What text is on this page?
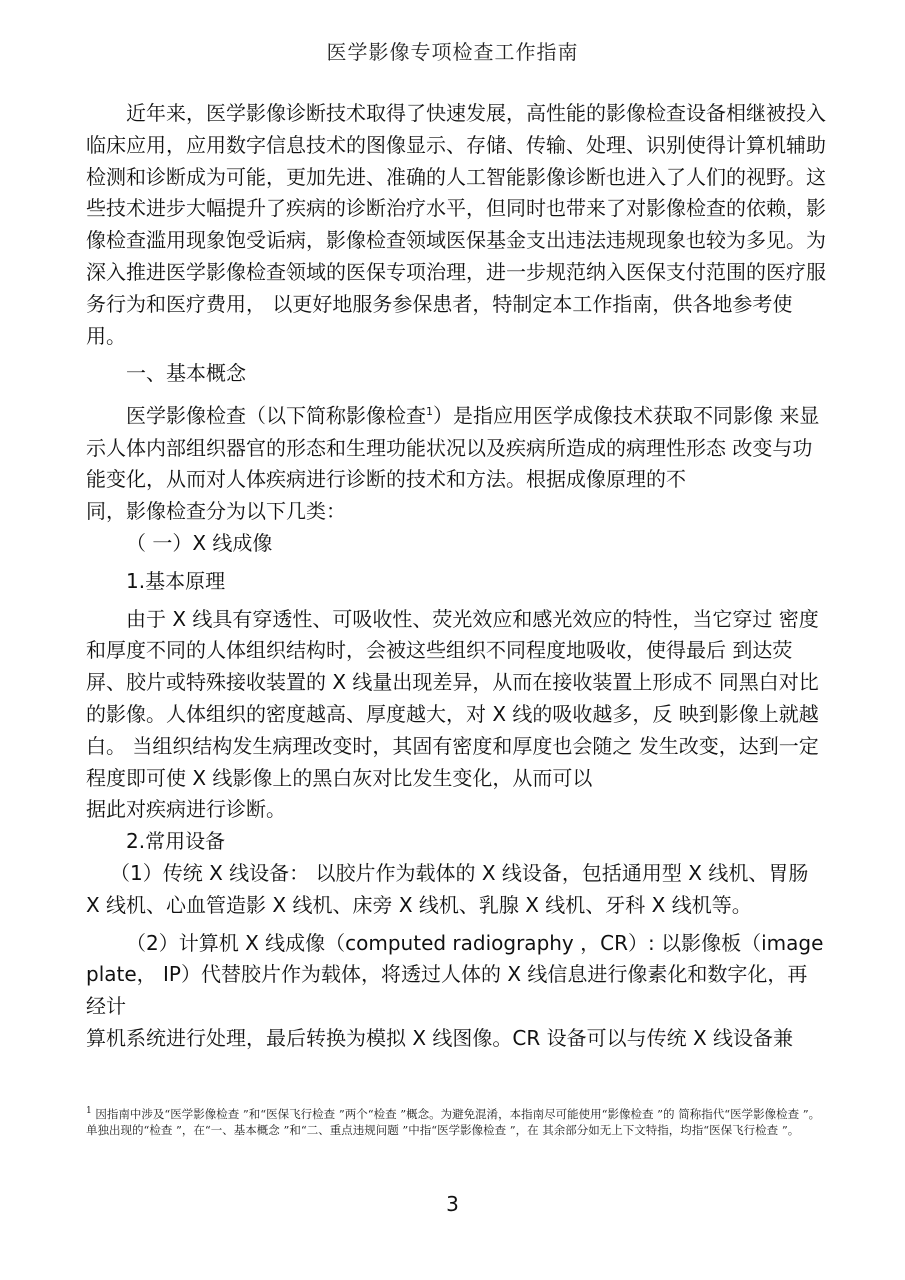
医学影像专项检查工作指南

近年来，医学影像诊断技术取得了快速发展，高性能的影像检查设备相继被投入临床应用，应用数字信息技术的图像显示、存储、传输、处理、识别使得计算机辅助检测和诊断成为可能，更加先进、准确的人工智能影像诊断也进入了人们的视野。这些技术进步大幅提升了疾病的诊断治疗水平，但同时也带来了对影像检查的依赖，影像检查滥用现象饱受诟病，影像检查领域医保基金支出违法违规现象也较为多见。为深入推进医学影像检查领域的医保专项治理，进一步规范纳入医保支付范围的医疗服务行为和医疗费用， 以更好地服务参保患者，特制定本工作指南，供各地参考使用。

一、基本概念

医学影像检查（以下简称影像检查$^1$）是指应用医学成像技术获取不同影像 来显示人体内部组织器官的形态和生理功能状况以及疾病所造成的病理性形态 改变与功能变化，从而对人体疾病进行诊断的技术和方法。根据成像原理的不

同，影像检查分为以下几类：

（ 一）X 线成像

1.基本原理

由于 X 线具有穿透性、可吸收性、荧光效应和感光效应的特性，当它穿过 密度和厚度不同的人体组织结构时，会被这些组织不同程度地吸收，使得最后 到达荧屏、胶片或特殊接收装置的 X 线量出现差异，从而在接收装置上形成不 同黑白对比的影像。人体组织的密度越高、厚度越大，对 X 线的吸收越多，反 映到影像上就越白。 当组织结构发生病理改变时，其固有密度和厚度也会随之 发生改变，达到一定程度即可使 X 线影像上的黑白灰对比发生变化，从而可以

据此对疾病进行诊断。

2.常用设备

（1）传统 X 线设备： 以胶片作为载体的 X 线设备，包括通用型 X 线机、胃肠 X 线机、心血管造影 X 线机、床旁 X 线机、乳腺 X 线机、牙科 X 线机等。

（2）计算机 X 线成像（computed radiography ，CR）: 以影像板（image plate， IP）代替胶片作为载体，将透过人体的 X 线信息进行像素化和数字化，再经计

算机系统进行处理，最后转换为模拟 X 线图像。CR 设备可以与传统 X 线设备兼

$^1$ 因指南中涉及“医学影像检查 ”和“医保飞行检查 ”两个“检查 ”概念。为避免混淆，本指南尽可能使用“影像检查 ”的 简称指代“医学影像检查 ”。单独出现的“检查 ”，在“一、基本概念 ”和“二、重点违规问题 ”中指“医学影像检查 ”，在 其余部分如无上下文特指，均指“医保飞行检查 ”。
3
